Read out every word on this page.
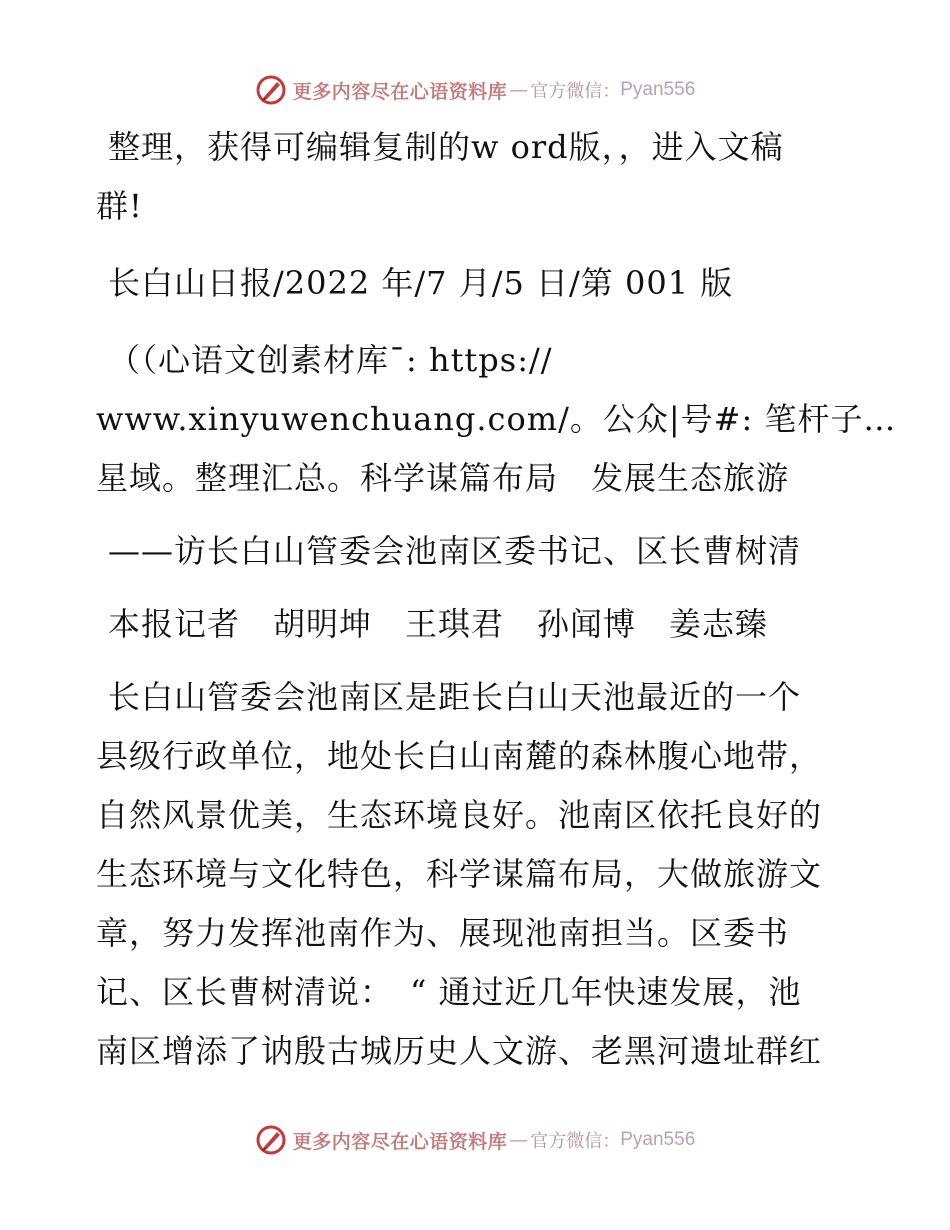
更多内容尽在心语资料库 — 官方微信： Pyan556
整理，获得可编辑复制的w ord版，，进入文稿
群!
长白山日报/2022 年/7 月/5 日/第 001 版
（（心语文创素材库¯: https://
www.xinyuwenchuang.com/。公众|号#: 笔杆子…
星域。整理汇总。科学谋篇布局　发展生态旅游
——访长白山管委会池南区委书记、区长曹树清
本报记者　胡明坤　王琪君　孙闻博　姜志臻
长白山管委会池南区是距长白山天池最近的一个
县级行政单位，地处长白山南麓的森林腹心地带，
自然风景优美，生态环境良好。池南区依托良好的
生态环境与文化特色，科学谋篇布局，大做旅游文
章，努力发挥池南作为、展现池南担当。区委书
记、区长曹树清说：　“ 通过近几年快速发展，池
南区增添了讷殷古城历史人文游、老黑河遗址群红
更多内容尽在心语资料库 — 官方微信： Pyan556
